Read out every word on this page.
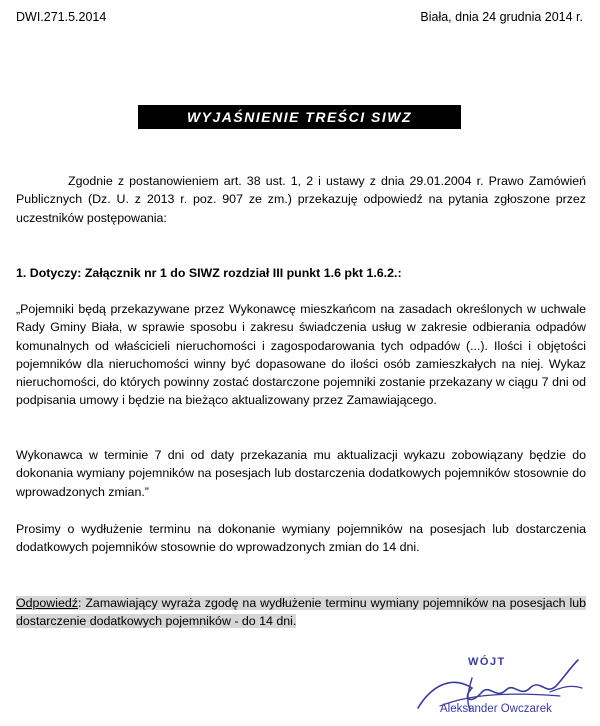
DWI.271.5.2014	Biała, dnia 24 grudnia 2014 r.
WYJAŚNIENIE TREŚCI SIWZ

Zgodnie z postanowieniem art. 38 ust. 1, 2 i ustawy z dnia 29.01.2004 r. Prawo Zamówień Publicznych (Dz. U. z 2013 r. poz. 907 ze zm.) przekazuję odpowiedź na pytania zgłoszone przez uczestników postępowania:

1. Dotyczy: Załącznik nr 1 do SIWZ rozdział III punkt 1.6 pkt 1.6.2.:

„Pojemniki będą przekazywane przez Wykonawcę mieszkańcom na zasadach określonych w uchwale Rady Gminy Biała, w sprawie sposobu i zakresu świadczenia usług w zakresie odbierania odpadów komunalnych od właścicieli nieruchomości i zagospodarowania tych odpadów (...). Ilości i objętości pojemników dla nieruchomości winny być dopasowane do ilości osób zamieszkałych na niej. Wykaz nieruchomości, do których powinny zostać dostarczone pojemniki zostanie przekazany w ciągu 7 dni od podpisania umowy i będzie na bieżąco aktualizowany przez Zamawiającego.

Wykonawca w terminie 7 dni od daty przekazania mu aktualizacji wykazu zobowiązany będzie do dokonania wymiany pojemników na posesjach lub dostarczenia dodatkowych pojemników stosownie do wprowadzonych zmian.”

Prosimy o wydłużenie terminu na dokonanie wymiany pojemników na posesjach lub dostarczenia dodatkowych pojemników stosownie do wprowadzonych zmian do 14 dni.

Odpowiedź: Zamawiający wyraża zgodę na wydłużenie terminu wymiany pojemników na posesjach lub dostarczenie dodatkowych pojemników - do 14 dni.

WÓJT
Aleksander Owczarek
